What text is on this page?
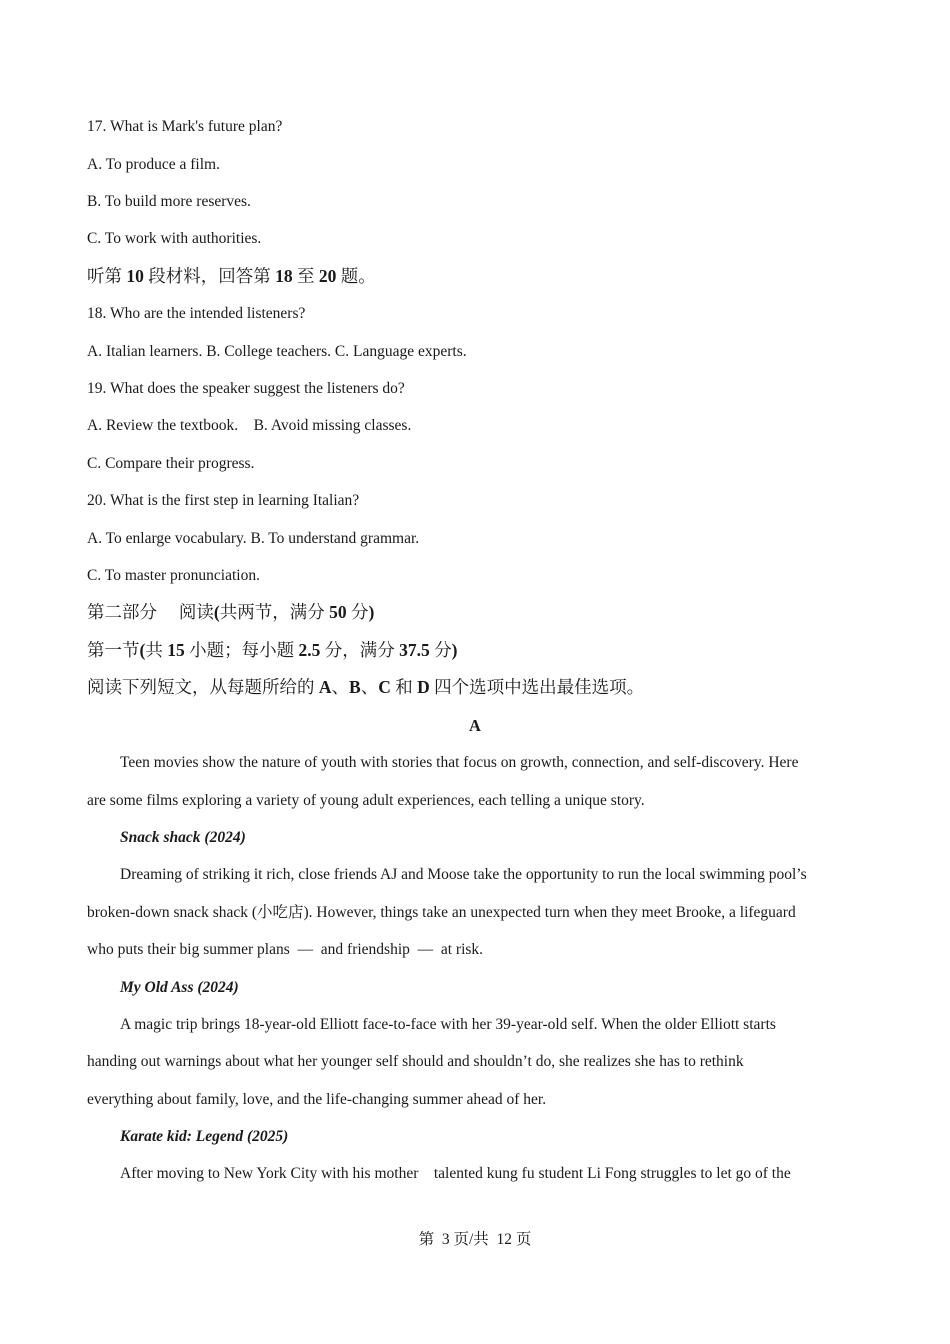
17. What is Mark's future plan?
A. To produce a film.
B. To build more reserves.
C. To work with authorities.
听第 10 段材料，回答第 18 至 20 题。
18. Who are the intended listeners?
A. Italian learners. B. College teachers. C. Language experts.
19. What does the speaker suggest the listeners do?
A. Review the textbook.    B. Avoid missing classes.
C. Compare their progress.
20. What is the first step in learning Italian?
A. To enlarge vocabulary. B. To understand grammar.
C. To master pronunciation.
第二部分　 阅读(共两节，满分 50 分)
第一节(共 15 小题；每小题 2.5 分，满分 37.5 分)
阅读下列短文，从每题所给的 A、B、C 和 D 四个选项中选出最佳选项。
A
Teen movies show the nature of youth with stories that focus on growth, connection, and self-discovery. Here
are some films exploring a variety of young adult experiences, each telling a unique story.
Snack shack (2024)
Dreaming of striking it rich, close friends AJ and Moose take the opportunity to run the local swimming pool’s
broken-down snack shack (小吃店). However, things take an unexpected turn when they meet Brooke, a lifeguard
who puts their big summer plans  —  and friendship  —  at risk.
My Old Ass (2024)
A magic trip brings 18-year-old Elliott face-to-face with her 39-year-old self. When the older Elliott starts
handing out warnings about what her younger self should and shouldn’t do, she realizes she has to rethink
everything about family, love, and the life-changing summer ahead of her.
Karate kid: Legend (2025)
After moving to New York City with his mother    talented kung fu student Li Fong struggles to let go of the
第  3 页/共  12 页
